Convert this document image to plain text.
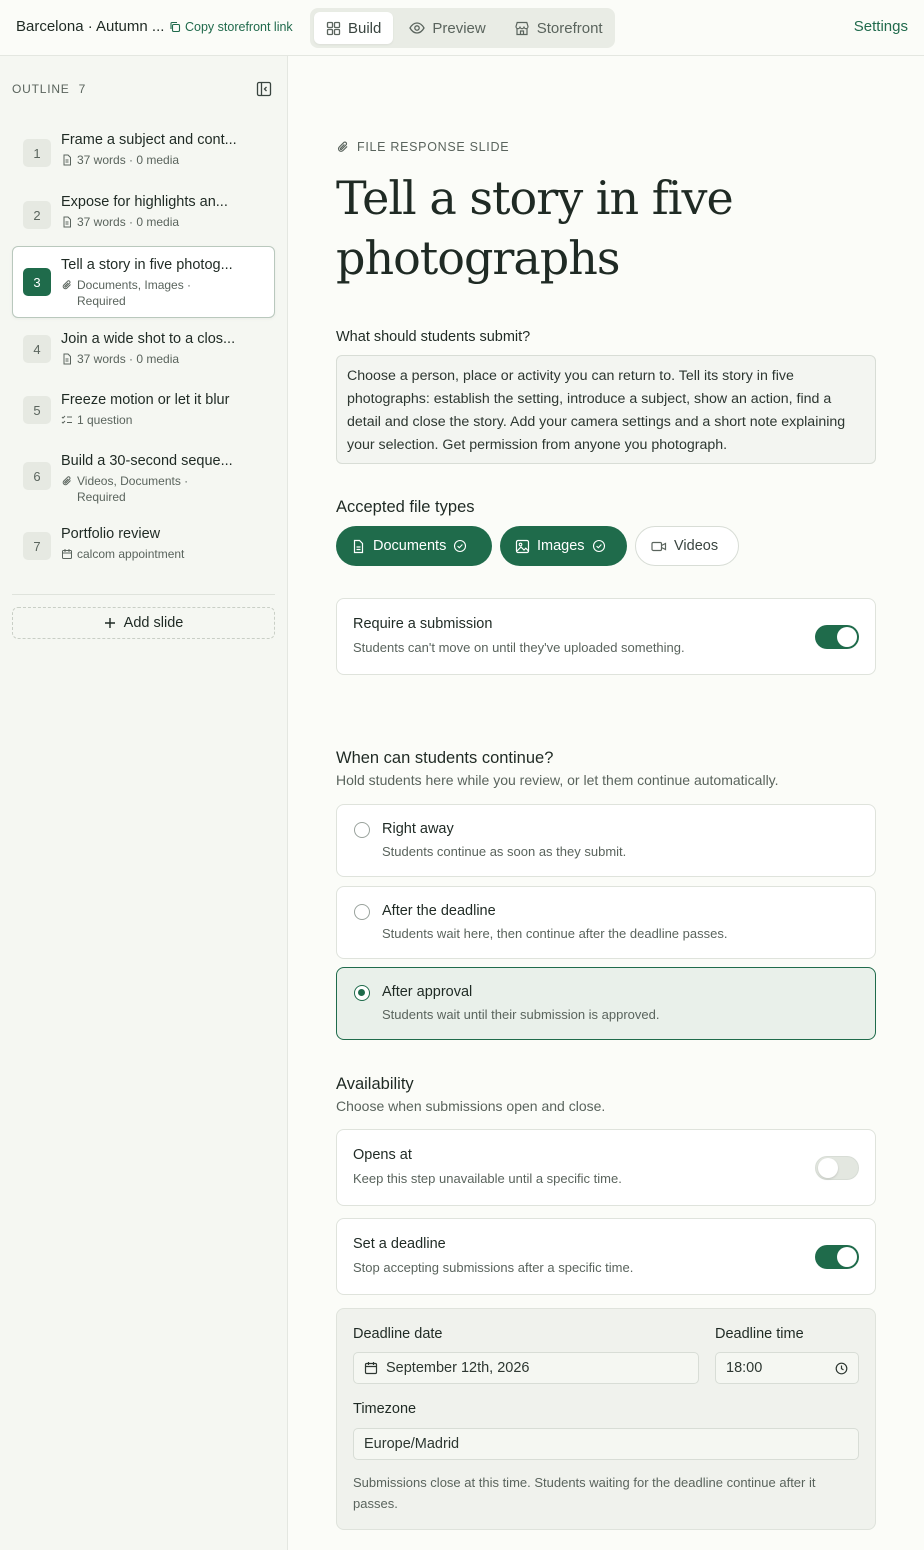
Barcelona · Autumn ... Copy storefront link	Build	Preview	Storefront	Settings
OUTLINE 7
1
Frame a subject and cont...
37 words · 0 media
2
Expose for highlights an...
37 words · 0 media
3
Tell a story in five photog...
Documents, Images ·
Required
4
Join a wide shot to a clos...
37 words · 0 media
5
Freeze motion or let it blur
1 question
6
Build a 30-second seque...
Videos, Documents ·
Required
7
Portfolio review
calcom appointment
Add slide
FILE RESPONSE SLIDE
Tell a story in five photographs
What should students submit?
Choose a person, place or activity you can return to. Tell its story in five photographs: establish the setting, introduce a subject, show an action, find a detail and close the story. Add your camera settings and a short note explaining your selection. Get permission from anyone you photograph.
Accepted file types
Documents	Images	Videos
Require a submission
Students can't move on until they've uploaded something.
When can students continue?
Hold students here while you review, or let them continue automatically.
Right away
Students continue as soon as they submit.
After the deadline
Students wait here, then continue after the deadline passes.
After approval
Students wait until their submission is approved.
Availability
Choose when submissions open and close.
Opens at
Keep this step unavailable until a specific time.
Set a deadline
Stop accepting submissions after a specific time.
Deadline date
September 12th, 2026
Deadline time
18:00
Timezone
Europe/Madrid
Submissions close at this time. Students waiting for the deadline continue after it passes.
